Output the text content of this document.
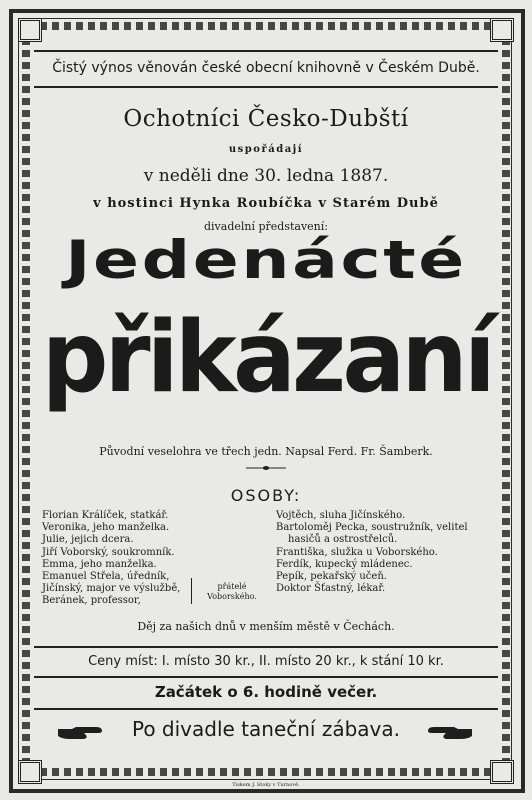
Čistý výnos věnován české obecní knihovně v Českém Dubě.
Ochotníci Česko-Dubští
uspořádají
v neděli dne 30. ledna 1887.
v hostinci Hynka Roubíčka v Starém Dubě
divadelní představení:
Jedenácté
přikázaní
Původní veselohra ve třech jedn. Napsal Ferd. Fr. Šamberk.
OSOBY:
Florian Králíček, statkář.
Veronika, jeho manželka.
Julie, jejich dcera.
Jiří Voborský, soukromník.
Emma, jeho manželka.
Emanuel Střela, úředník,
Jičínský, major ve výslužbě,
Beránek, professor,
přátelé
Voborského.
Vojtěch, sluha Jičínského.
Bartoloměj Pecka, soustružník, velitel
hasičů a ostrostřelců.
Františka, služka u Voborského.
Ferdík, kupecký mládenec.
Pepík, pekařský učeň.
Doktor Šťastný, lékař.
Děj za našich dnů v menším městě v Čechách.
Ceny míst: I. místo 30 kr., II. místo 20 kr., k stání 10 kr.
Začátek o 6. hodině večer.
Po divadle taneční zábava.
Tiskem J. Stoky v Turnově.
